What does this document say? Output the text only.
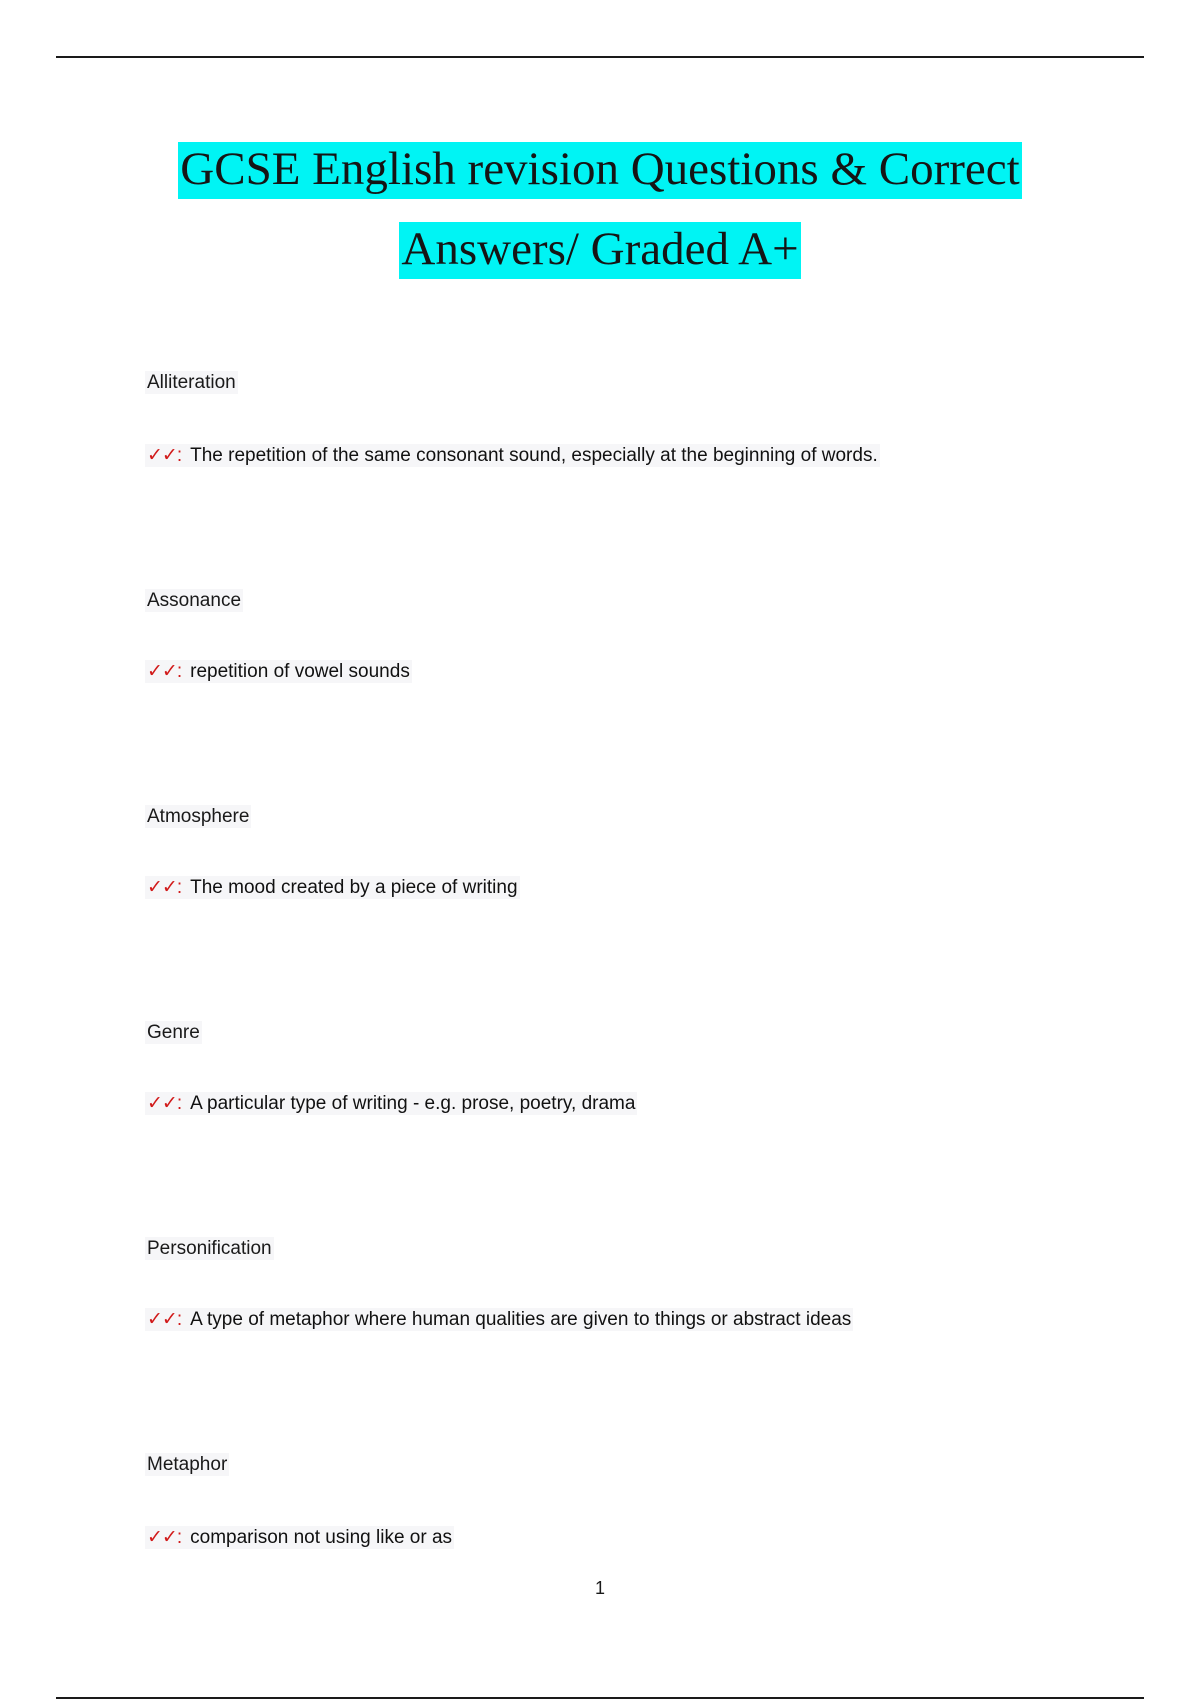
GCSE English revision Questions & Correct
Answers/ Graded A+
Alliteration
✓✓: The repetition of the same consonant sound, especially at the beginning of words.
Assonance
✓✓: repetition of vowel sounds
Atmosphere
✓✓: The mood created by a piece of writing
Genre
✓✓: A particular type of writing - e.g. prose, poetry, drama
Personification
✓✓: A type of metaphor where human qualities are given to things or abstract ideas
Metaphor
✓✓: comparison not using like or as
1
